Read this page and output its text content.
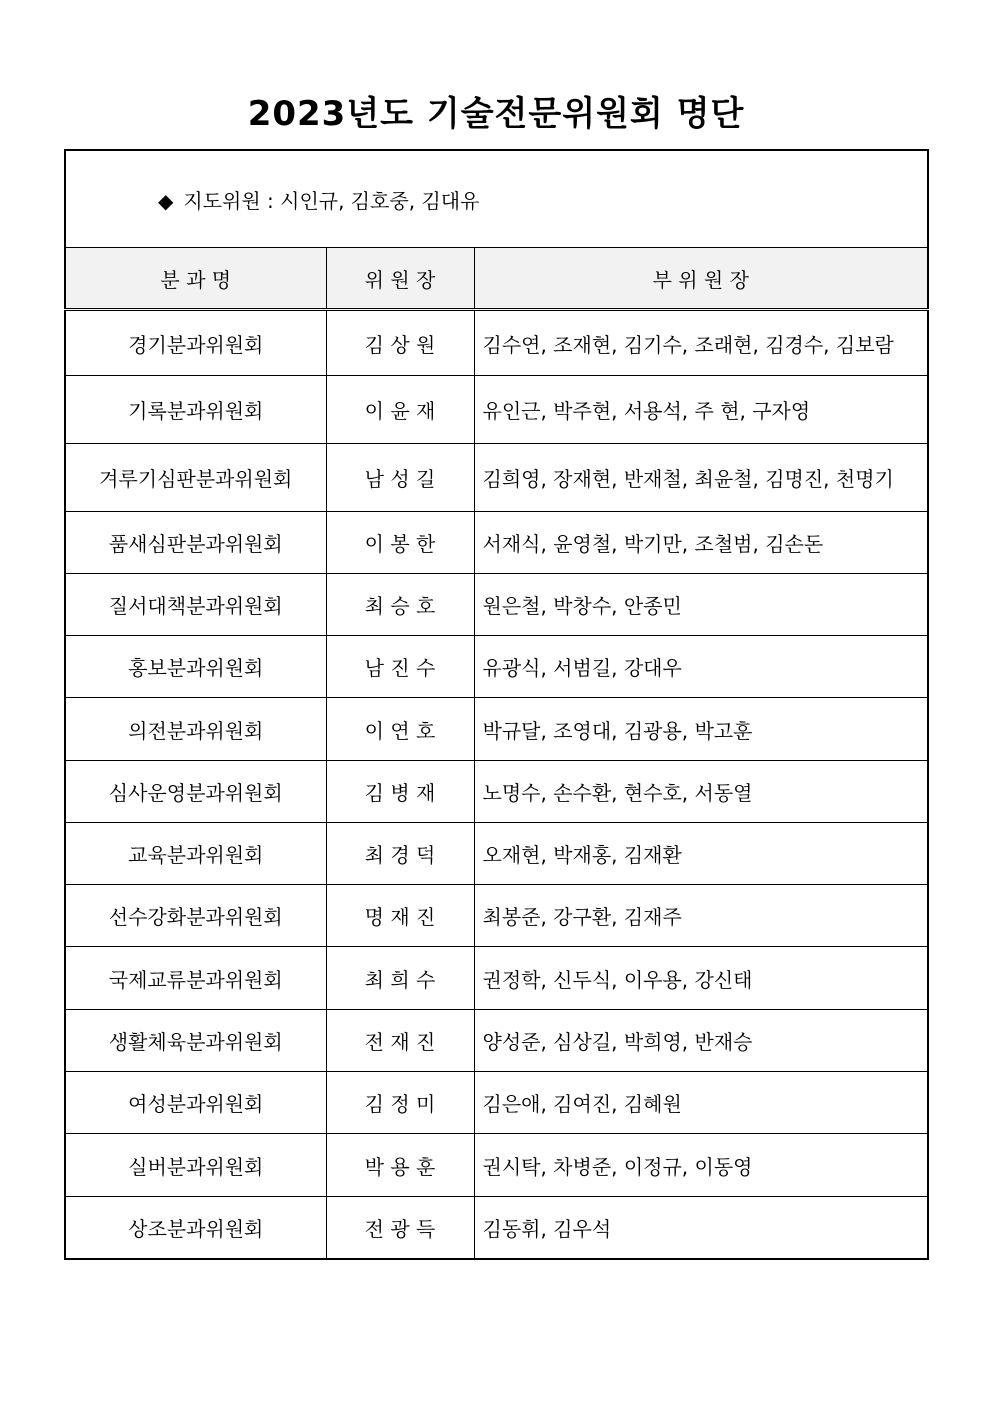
2023년도 기술전문위원회 명단
◆ 지도위원 : 시인규, 김호중, 김대유		
분 과 명	위 원 장	부 위 원 장
경기분과위원회	김 상 원	김수연, 조재현, 김기수, 조래현, 김경수, 김보람
기록분과위원회	이 윤 재	유인근, 박주현, 서용석, 주 현, 구자영
겨루기심판분과위원회	남 성 길	김희영, 장재현, 반재철, 최윤철, 김명진, 천명기
품새심판분과위원회	이 봉 한	서재식, 윤영철, 박기만, 조철범, 김손돈
질서대책분과위원회	최 승 호	원은철, 박창수, 안종민
홍보분과위원회	남 진 수	유광식, 서범길, 강대우
의전분과위원회	이 연 호	박규달, 조영대, 김광용, 박고훈
심사운영분과위원회	김 병 재	노명수, 손수환, 현수호, 서동열
교육분과위원회	최 경 덕	오재현, 박재홍, 김재환
선수강화분과위원회	명 재 진	최봉준, 강구환, 김재주
국제교류분과위원회	최 희 수	권정학, 신두식, 이우용, 강신태
생활체육분과위원회	전 재 진	양성준, 심상길, 박희영, 반재승
여성분과위원회	김 정 미	김은애, 김여진, 김혜원
실버분과위원회	박 용 훈	권시탁, 차병준, 이정규, 이동영
상조분과위원회	전 광 득	김동휘, 김우석
